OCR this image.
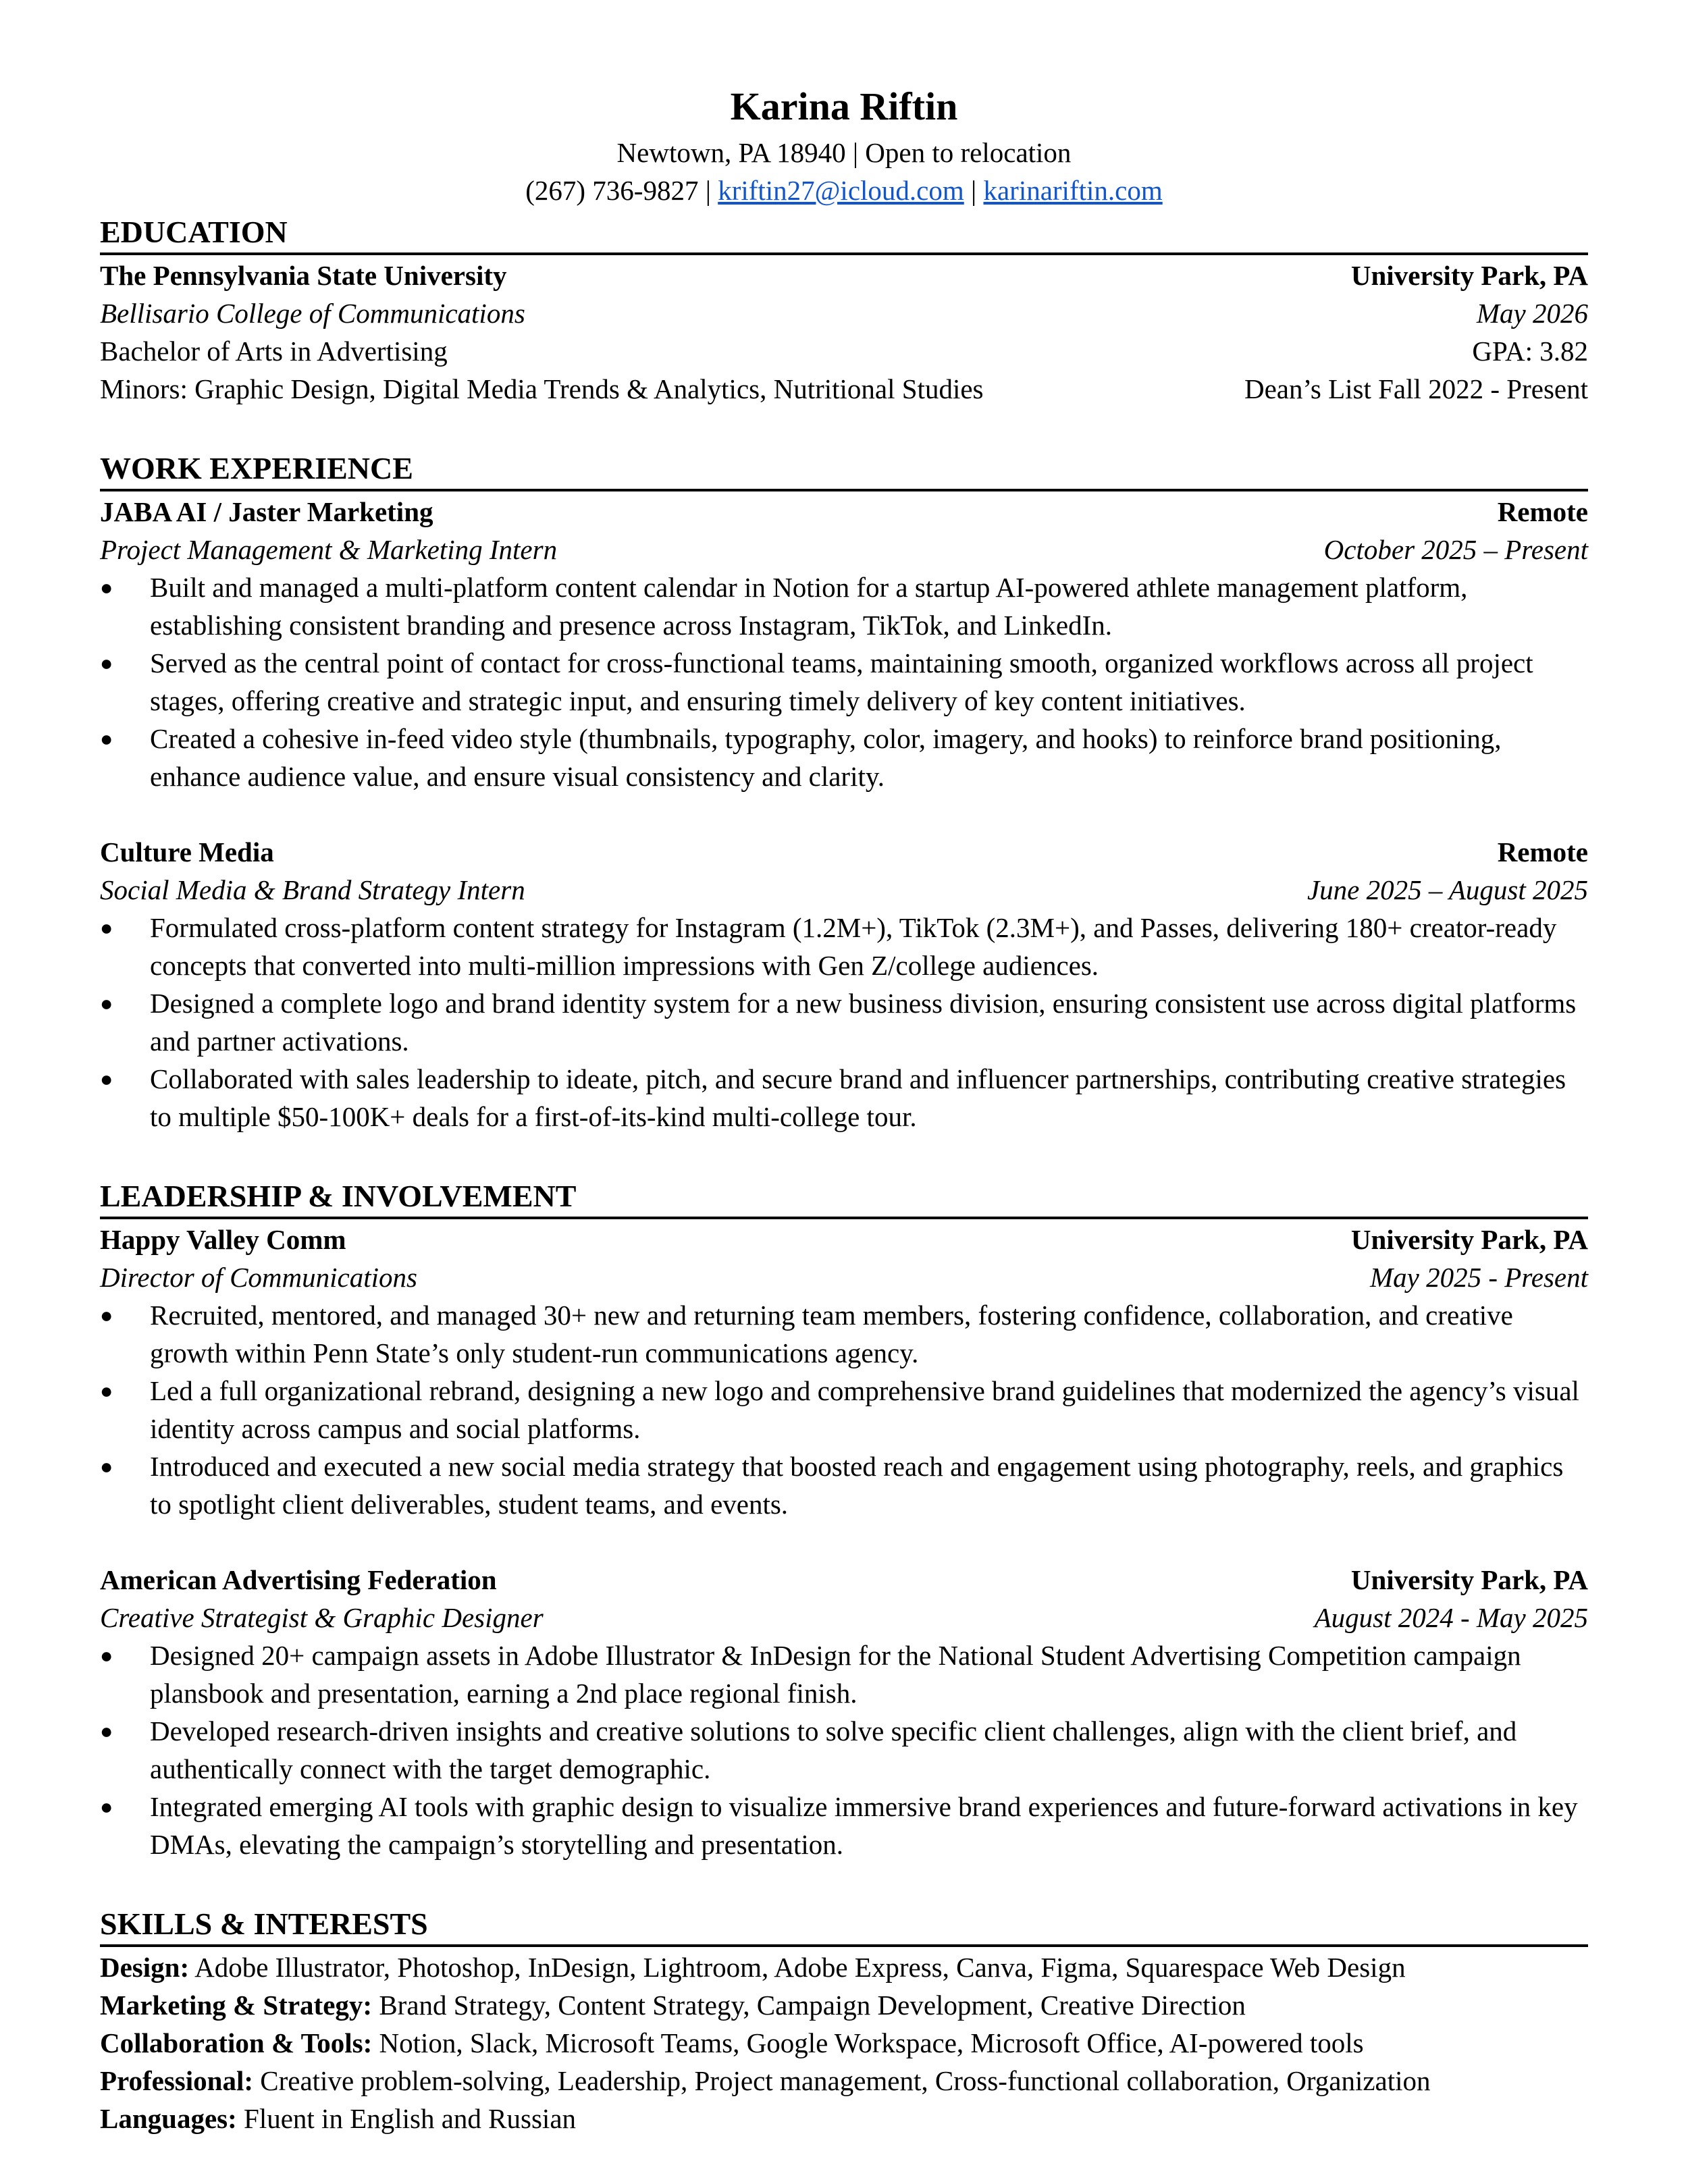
Karina Riftin
Newtown, PA 18940 | Open to relocation
(267) 736-9827 | kriftin27@icloud.com | karinariftin.com
EDUCATION
The Pennsylvania State University	University Park, PA
Bellisario College of Communications	May 2026
Bachelor of Arts in Advertising	GPA: 3.82
Minors: Graphic Design, Digital Media Trends & Analytics, Nutritional Studies	Dean’s List Fall 2022 - Present
WORK EXPERIENCE
JABA AI / Jaster Marketing	Remote
Project Management & Marketing Intern	October 2025 – Present
●	Built and managed a multi-platform content calendar in Notion for a startup AI-powered athlete management platform, establishing consistent branding and presence across Instagram, TikTok, and LinkedIn.
●	Served as the central point of contact for cross-functional teams, maintaining smooth, organized workflows across all project stages, offering creative and strategic input, and ensuring timely delivery of key content initiatives.
●	Created a cohesive in-feed video style (thumbnails, typography, color, imagery, and hooks) to reinforce brand positioning, enhance audience value, and ensure visual consistency and clarity.
Culture Media	Remote
Social Media & Brand Strategy Intern	June 2025 – August 2025
●	Formulated cross-platform content strategy for Instagram (1.2M+), TikTok (2.3M+), and Passes, delivering 180+ creator-ready concepts that converted into multi-million impressions with Gen Z/college audiences.
●	Designed a complete logo and brand identity system for a new business division, ensuring consistent use across digital platforms and partner activations.
●	Collaborated with sales leadership to ideate, pitch, and secure brand and influencer partnerships, contributing creative strategies to multiple $50-100K+ deals for a first-of-its-kind multi-college tour.
LEADERSHIP & INVOLVEMENT
Happy Valley Comm	University Park, PA
Director of Communications	May 2025 - Present
●	Recruited, mentored, and managed 30+ new and returning team members, fostering confidence, collaboration, and creative growth within Penn State’s only student-run communications agency.
●	Led a full organizational rebrand, designing a new logo and comprehensive brand guidelines that modernized the agency’s visual identity across campus and social platforms.
●	Introduced and executed a new social media strategy that boosted reach and engagement using photography, reels, and graphics to spotlight client deliverables, student teams, and events.
American Advertising Federation	University Park, PA
Creative Strategist & Graphic Designer	August 2024 - May 2025
●	Designed 20+ campaign assets in Adobe Illustrator & InDesign for the National Student Advertising Competition campaign plansbook and presentation, earning a 2nd place regional finish.
●	Developed research-driven insights and creative solutions to solve specific client challenges, align with the client brief, and authentically connect with the target demographic.
●	Integrated emerging AI tools with graphic design to visualize immersive brand experiences and future-forward activations in key DMAs, elevating the campaign’s storytelling and presentation.
SKILLS & INTERESTS
Design: Adobe Illustrator, Photoshop, InDesign, Lightroom, Adobe Express, Canva, Figma, Squarespace Web Design
Marketing & Strategy: Brand Strategy, Content Strategy, Campaign Development, Creative Direction
Collaboration & Tools: Notion, Slack, Microsoft Teams, Google Workspace, Microsoft Office, AI-powered tools
Professional: Creative problem-solving, Leadership, Project management, Cross-functional collaboration, Organization
Languages: Fluent in English and Russian
